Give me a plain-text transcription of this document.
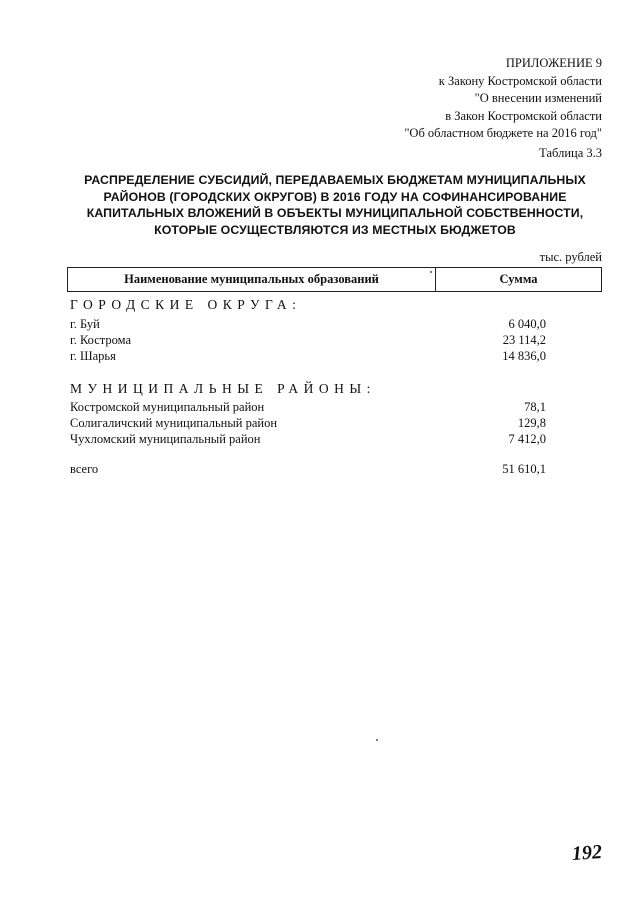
ПРИЛОЖЕНИЕ 9
к Закону Костромской области
"О внесении изменений
в Закон Костромской области
"Об областном бюджете на 2016 год"
Таблица 3.3
РАСПРЕДЕЛЕНИЕ СУБСИДИЙ, ПЕРЕДАВАЕМЫХ БЮДЖЕТАМ МУНИЦИПАЛЬНЫХ
РАЙОНОВ (ГОРОДСКИХ ОКРУГОВ) В 2016 ГОДУ НА СОФИНАНСИРОВАНИЕ
КАПИТАЛЬНЫХ ВЛОЖЕНИЙ В ОБЪЕКТЫ МУНИЦИПАЛЬНОЙ СОБСТВЕННОСТИ,
КОТОРЫЕ ОСУЩЕСТВЛЯЮТСЯ ИЗ МЕСТНЫХ БЮДЖЕТОВ
тыс. рублей
Наименование муниципальных образований	Сумма
ГОРОДСКИЕ ОКРУГА:
г. Буй	6 040,0
г. Кострома	23 114,2
г. Шарья	14 836,0
МУНИЦИПАЛЬНЫЕ РАЙОНЫ:
Костромской муниципальный район	78,1
Солигаличский муниципальный район	129,8
Чухломский муниципальный район	7 412,0
всего	51 610,1
192
